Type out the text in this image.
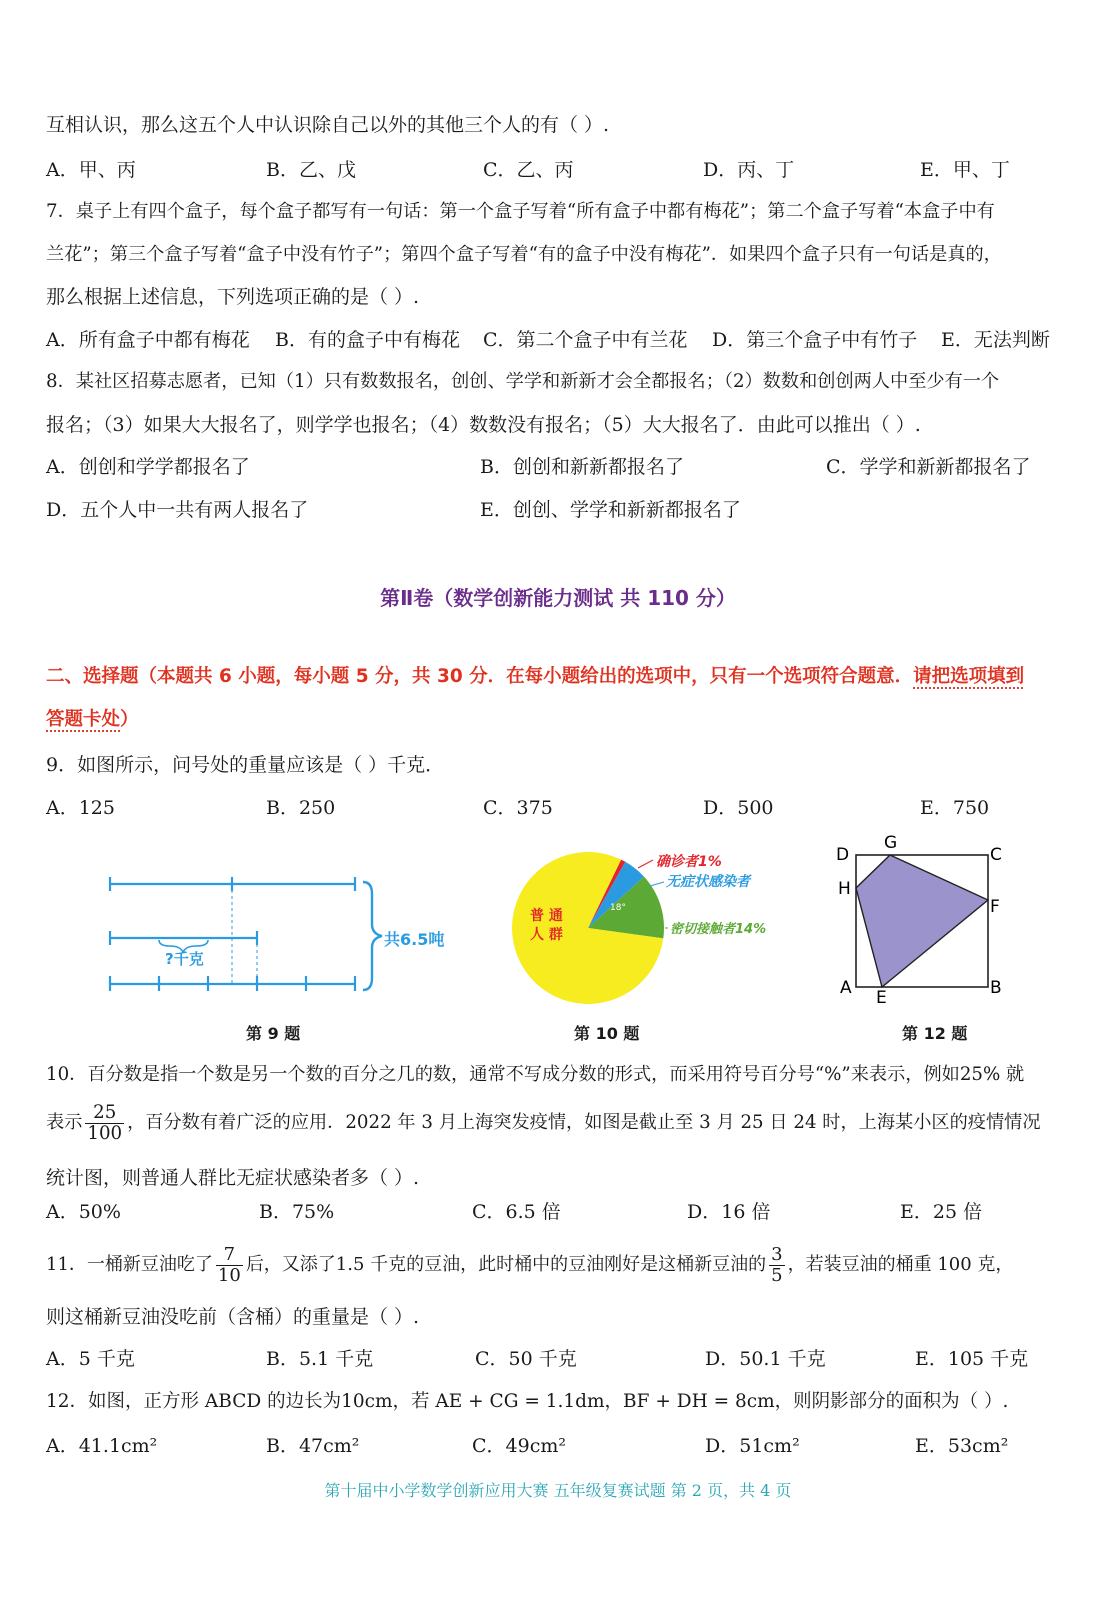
互相认识，那么这五个人中认识除自己以外的其他三个人的有（ ）.
A．甲、丙	B．乙、戊	C．乙、丙	D．丙、丁	E．甲、丁
7．桌子上有四个盒子，每个盒子都写有一句话：第一个盒子写着“所有盒子中都有梅花”；第二个盒子写着“本盒子中有
兰花”；第三个盒子写着“盒子中没有竹子”；第四个盒子写着“有的盒子中没有梅花”．如果四个盒子只有一句话是真的，
那么根据上述信息，下列选项正确的是（ ）.
A．所有盒子中都有梅花 B．有的盒子中有梅花 C．第二个盒子中有兰花 D．第三个盒子中有竹子 E．无法判断
8．某社区招募志愿者，已知（1）只有数数报名，创创、学学和新新才会全都报名；（2）数数和创创两人中至少有一个
报名；（3）如果大大报名了，则学学也报名；（4）数数没有报名；（5）大大报名了．由此可以推出（ ）.
A．创创和学学都报名了	B．创创和新新都报名了	C．学学和新新都报名了
D．五个人中一共有两人报名了	E．创创、学学和新新都报名了
第Ⅱ卷（数学创新能力测试 共 110 分）
二、选择题（本题共 6 小题，每小题 5 分，共 30 分．在每小题给出的选项中，只有一个选项符合题意．请把选项填到
答题卡处）
9．如图所示，问号处的重量应该是（ ）千克．
A．125	B．250	C．375	D．500	E．750
?千克
共6.5吨
第 9 题
18°
普 通
人 群
确诊者1%
无症状感染者
密切接触者14%
第 10 题
D
G
C
H
F
A E	B
第 12 题
10．百分数是指一个数是另一个数的百分之几的数，通常不写成分数的形式，而采用符号百分号“%”来表示，例如25% 就
表示 $\frac{25}{100}$ ，百分数有着广泛的应用．2022 年 3 月上海突发疫情，如图是截止至 3 月 25 日 24 时，上海某小区的疫情情况
统计图，则普通人群比无症状感染者多（ ）.
A．50%	B．75%	C．6.5 倍	D．16 倍	E．25 倍
11．一桶新豆油吃了 $\frac{7}{10}$ 后，又添了1.5 千克的豆油，此时桶中的豆油刚好是这桶新豆油的 $\frac{3}{5}$ ，若装豆油的桶重 100 克，
则这桶新豆油没吃前（含桶）的重量是（ ）.
A．5 千克	B．5.1 千克	C．50 千克	D．50.1 千克	E．105 千克
12．如图，正方形 ABCD 的边长为10cm，若 AE + CG = 1.1dm，BF + DH = 8cm，则阴影部分的面积为（ ）.
A．41.1cm²	B．47cm²	C．49cm²	D．51cm²	E．53cm²
第十届中小学数学创新应用大赛 五年级复赛试题 第 2 页，共 4 页
